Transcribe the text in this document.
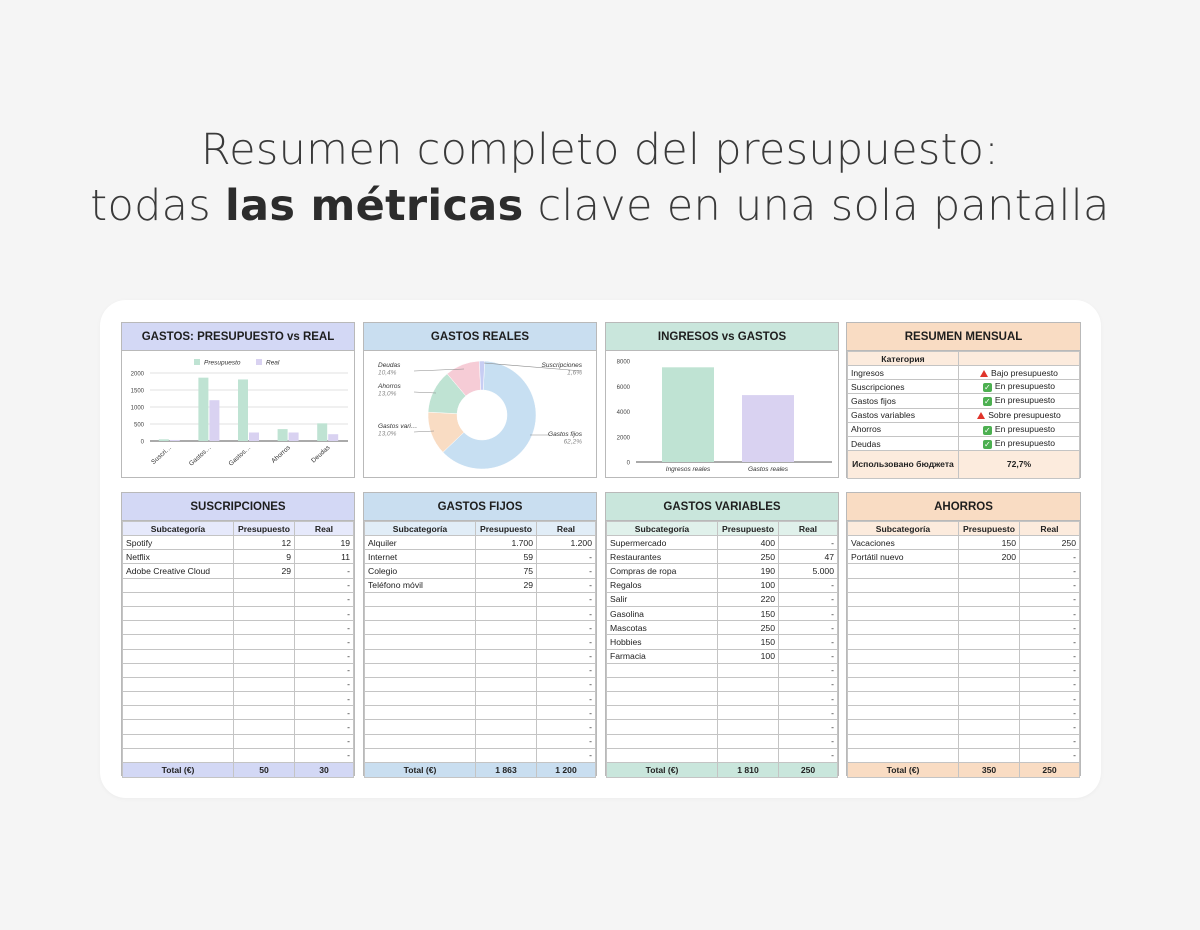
Resumen completo del presupuesto:
todas las métricas clave en una sola pantalla
GASTOS: PRESUPUESTO vs REAL
2000
1500
1000
500
0
Suscri… Gastos… Gastos…	Ahorros	Deudas
Presupuesto	Real
GASTOS REALES
Suscripciones
1,6%
Deudas
10,4%
Ahorros
13,0%
Gastos vari…
13,0%	Gastos fijos
62,2%
INGRESOS vs GASTOS
8000
6000
4000
2000
0
Ingresos reales	Gastos reales
RESUMEN MENSUAL
Категория	
Ingresos	Bajo presupuesto
Suscripciones	✓ En presupuesto
Gastos fijos	✓ En presupuesto
Gastos variables	Sobre presupuesto
Ahorros	✓ En presupuesto
Deudas	✓ En presupuesto
Использовано бюджета	72,7%
SUSCRIPCIONES
Subcategoría	Presupuesto	Real
Spotify	12	19
Netflix	9	11
Adobe Creative Cloud	29	-
		-
		-
		-
		-
		-
		-
		-
		-
		-
		-
		-
		-
		-
Total (€)	50	30
GASTOS FIJOS
Subcategoría	Presupuesto	Real
Alquiler	1.700	1.200
Internet	59	-
Colegio	75	-
Teléfono móvil	29	-
		-
		-
		-
		-
		-
		-
		-
		-
		-
		-
		-
		-
Total (€)	1 863	1 200
GASTOS VARIABLES
Subcategoría	Presupuesto	Real
Supermercado	400	-
Restaurantes	250	47
Compras de ropa	190	5.000
Regalos	100	-
Salir	220	-
Gasolina	150	-
Mascotas	250	-
Hobbies	150	-
Farmacia	100	-
		-
		-
		-
		-
		-
		-
		-
Total (€)	1 810	250
AHORROS
Subcategoría	Presupuesto	Real
Vacaciones	150	250
Portátil nuevo	200	-
		-
		-
		-
		-
		-
		-
		-
		-
		-
		-
		-
		-
		-
		-
Total (€)	350	250
